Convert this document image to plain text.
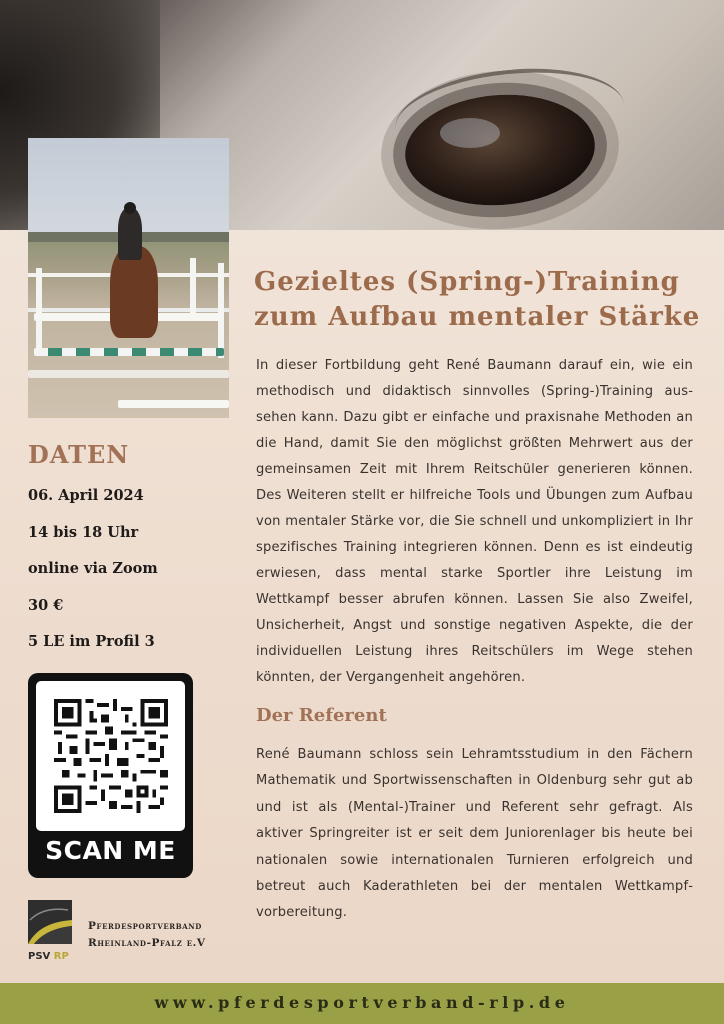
Gezieltes (Spring-)Training
zum Aufbau mentaler Stärke

In dieser Fortbildung geht René Baumann darauf ein, wie ein methodisch und didaktisch sinnvolles (Spring-)Training aussehen kann. Dazu gibt er einfache und praxisnahe Methoden an die Hand, damit Sie den möglichst größten Mehrwert aus der gemeinsamen Zeit mit Ihrem Reitschüler generieren können. Des Weiteren stellt er hilfreiche Tools und Übungen zum Aufbau von mentaler Stärke vor, die Sie schnell und unkompliziert in Ihr spezifisches Training integrieren können. Denn es ist eindeutig erwiesen, dass mental starke Sportler ihre Leistung im Wettkampf besser abrufen können. Lassen Sie also Zweifel, Unsicherheit, Angst und sonstige negativen Aspekte, die der individuellen Leistung ihres Reitschülers im Wege stehen könnten, der Vergangenheit angehören.

Der Referent

René Baumann schloss sein Lehramtsstudium in den Fächern Mathematik und Sportwissenschaften in Oldenburg sehr gut ab und ist als (Mental-)Trainer und Referent sehr gefragt. Als aktiver Springreiter ist er seit dem Juniorenlager bis heute bei nationalen sowie internationalen Turnieren erfolgreich und betreut auch Kaderathleten bei der mentalen Wettkampfvorbereitung.

DATEN
06. April 2024
14 bis 18 Uhr
online via Zoom
30 €
5 LE im Profil 3
SCAN ME
PSV RP

Pferdesportverband
Rheinland-Pfalz e.V

www.pferdesportverband-rlp.de
